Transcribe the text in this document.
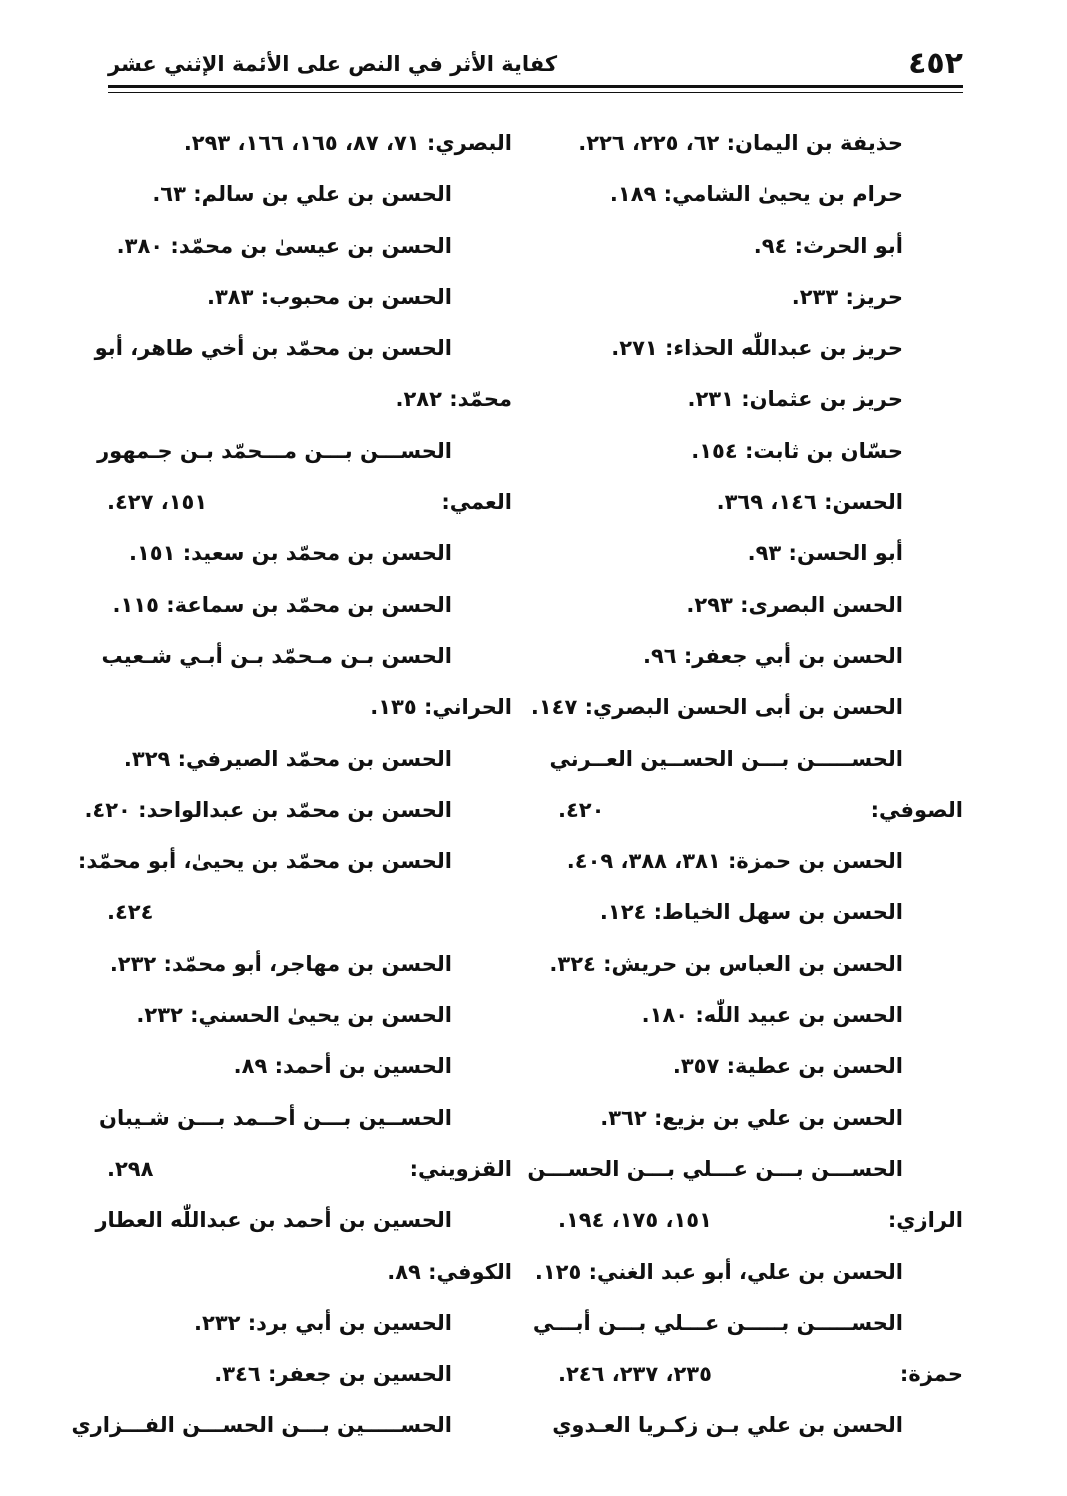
٤٥٢
كفاية الأثر في النص على الأئمة الإثني عشر
حذيفة بن اليمان: ٦٢، ٢٢٥، ٢٢٦.
حرام بن يحيىٰ الشامي: ١٨٩.
أبو الحرث: ٩٤.
حريز: ٢٣٣.
حريز بن عبداللّٰه الحذاء: ٢٧١.
حريز بن عثمان: ٢٣١.
حسّان بن ثابت: ١٥٤.
الحسن: ١٤٦، ٣٦٩.
أبو الحسن: ٩٣.
الحسن البصرى: ٢٩٣.
الحسن بن أبي جعفر: ٩٦.
الحسن بن أبى الحسن البصري: ١٤٧.
الحســـــن بـــن الحســين العــرني
الصوفي:
٤٢٠.
الحسن بن حمزة: ٣٨١، ٣٨٨، ٤٠٩.
الحسن بن سهل الخياط: ١٢٤.
الحسن بن العباس بن حريش: ٣٢٤.
الحسن بن عبيد اللّٰه: ١٨٠.
الحسن بن عطية: ٣٥٧.
الحسن بن علي بن بزيع: ٣٦٢.
الحســـن بـــن عـــلي بـــن الحســـن
الرازي:
١٥١، ١٧٥، ١٩٤.
الحسن بن علي، أبو عبد الغني: ١٢٥.
الحســـــن بـــــن عـــلي بـــن أبـــي
حمزة:
٢٣٥، ٢٣٧، ٢٤٦.
الحسن بن علي بـن زكـريا العـدوي
البصري: ٧١، ٨٧، ١٦٥، ١٦٦، ٢٩٣.
الحسن بن علي بن سالم: ٦٣.
الحسن بن عيسىٰ بن محمّد: ٣٨٠.
الحسن بن محبوب: ٣٨٣.
الحسن بن محمّد بن أخي طاهر، أبو
محمّد: ٢٨٢.
الحســـن بـــن مـــحمّد بـن جـمهور
العمي:
١٥١، ٤٢٧.
الحسن بن محمّد بن سعيد: ١٥١.
الحسن بن محمّد بن سماعة: ١١٥.
الحسن بـن مـحمّد بـن أبـي شـعيب
الحراني: ١٣٥.
الحسن بن محمّد الصيرفي: ٣٢٩.
الحسن بن محمّد بن عبدالواحد: ٤٢٠.
الحسن بن محمّد بن يحيىٰ، أبو محمّد:
٤٢٤.
الحسن بن مهاجر، أبو محمّد: ٢٣٢.
الحسن بن يحيىٰ الحسني: ٢٣٢.
الحسين بن أحمد: ٨٩.
الحســين بـــن أحــمد بـــن شـيبان
القزويني:
٢٩٨.
الحسين بن أحمد بن عبداللّٰه العطار
الكوفي: ٨٩.
الحسين بن أبي برد: ٢٣٢.
الحسين بن جعفر: ٣٤٦.
الحســـــين بـــن الحســـن الفـــزاري
